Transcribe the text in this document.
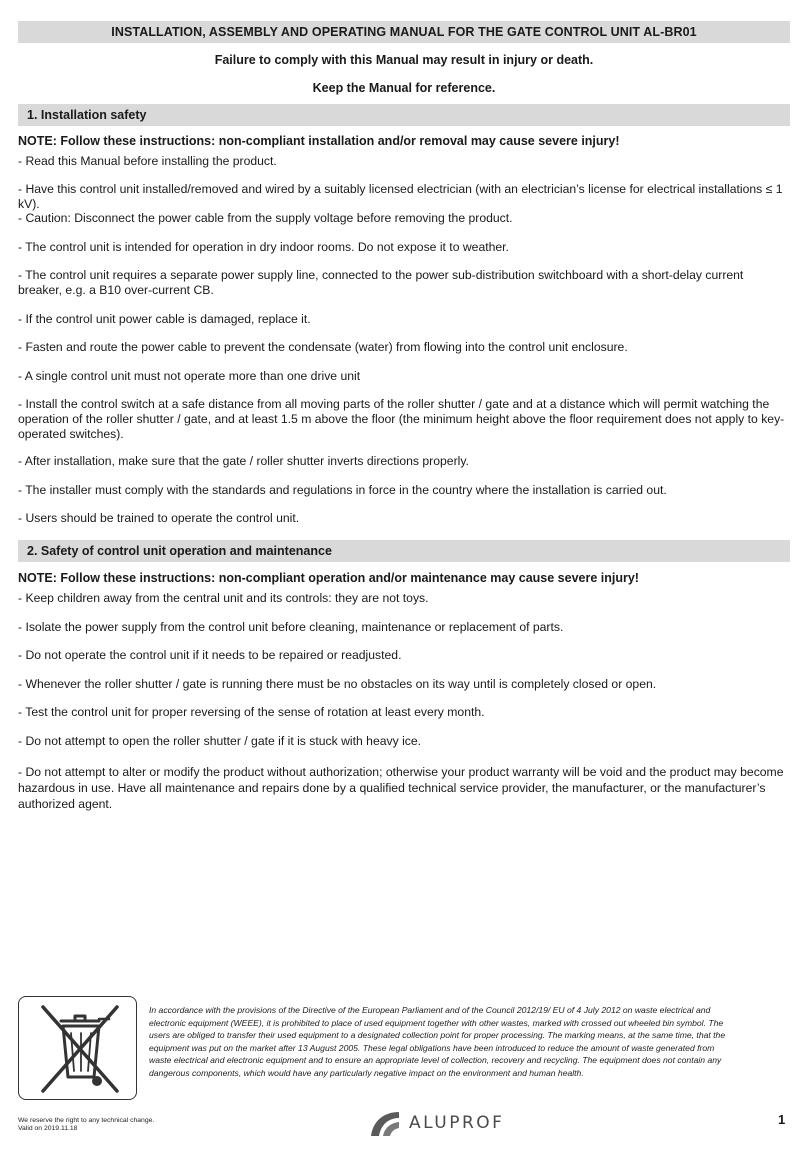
INSTALLATION, ASSEMBLY AND OPERATING MANUAL FOR THE GATE CONTROL UNIT AL-BR01
Failure to comply with this Manual may result in injury or death.
Keep the Manual for reference.
1. Installation safety
NOTE: Follow these instructions: non-compliant installation and/or removal may cause severe injury!
- Read this Manual before installing the product.
- Have this control unit installed/removed and wired by a suitably licensed electrician (with an electrician’s license for electrical installations ≤ 1 kV).
- Caution: Disconnect the power cable from the supply voltage before removing the product.
- The control unit is intended for operation in dry indoor rooms. Do not expose it to weather.
- The control unit requires a separate power supply line, connected to the power sub-distribution switchboard with a short-delay current breaker, e.g. a B10 over-current CB.
- If the control unit power cable is damaged, replace it.
- Fasten and route the power cable to prevent the condensate (water) from flowing into the control unit enclosure.
- A single control unit must not operate more than one drive unit
- Install the control switch at a safe distance from all moving parts of the roller shutter / gate and at a distance which will permit watching the operation of the roller shutter / gate, and at least 1.5 m above the floor (the minimum height above the floor requirement does not apply to key-operated switches).
- After installation, make sure that the gate / roller shutter inverts directions properly.
- The installer must comply with the standards and regulations in force in the country where the installation is carried out.
- Users should be trained to operate the control unit.
2. Safety of control unit operation and maintenance
NOTE: Follow these instructions: non-compliant operation and/or maintenance may cause severe injury!
- Keep children away from the central unit and its controls: they are not toys.
- Isolate the power supply from the control unit before cleaning, maintenance or replacement of parts.
- Do not operate the control unit if it needs to be repaired or readjusted.
- Whenever the roller shutter / gate is running there must be no obstacles on its way until is completely closed or open.
- Test the control unit for proper reversing of the sense of rotation at least every month.
- Do not attempt to open the roller shutter / gate if it is stuck with heavy ice.
- Do not attempt to alter or modify the product without authorization; otherwise your product warranty will be void and the product may become hazardous in use. Have all maintenance and repairs done by a qualified technical service provider, the manufacturer, or the manufacturer’s authorized agent.
In accordance with the provisions of the Directive of the European Parliament and of the Council 2012/19/ EU of 4 July 2012 on waste electrical and electronic equipment (WEEE), it is prohibited to place of used equipment together with other wastes, marked with crossed out wheeled bin symbol. The users are obliged to transfer their used equipment to a designated collection point for proper processing. The marking means, at the same time, that the equipment was put on the market after 13 August 2005. These legal obligations have been introduced to reduce the amount of waste generated from waste electrical and electronic equipment and to ensure an appropriate level of collection, recovery and recycling. The equipment does not contain any dangerous components, which would have any particularly negative impact on the environment and human health.
We reserve the right to any technical change.
Valid on 2019.11.18	ALUPROF	1
